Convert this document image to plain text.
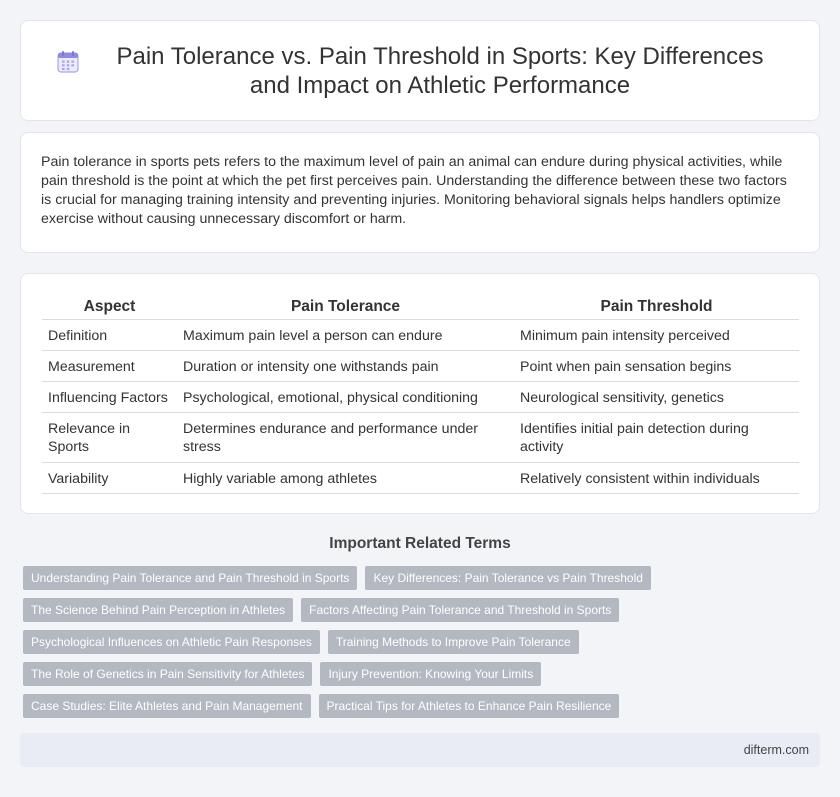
Pain Tolerance vs. Pain Threshold in Sports: Key Differences and Impact on Athletic Performance

Pain tolerance in sports pets refers to the maximum level of pain an animal can endure during physical activities, while pain threshold is the point at which the pet first perceives pain. Understanding the difference between these two factors is crucial for managing training intensity and preventing injuries. Monitoring behavioral signals helps handlers optimize exercise without causing unnecessary discomfort or harm.

Aspect	Pain Tolerance	Pain Threshold
Definition	Maximum pain level a person can endure	Minimum pain intensity perceived
Measurement	Duration or intensity one withstands pain	Point when pain sensation begins
Influencing Factors	Psychological, emotional, physical conditioning	Neurological sensitivity, genetics
Relevance in Sports	Determines endurance and performance under stress	Identifies initial pain detection during activity
Variability	Highly variable among athletes	Relatively consistent within individuals
Important Related Terms
Understanding Pain Tolerance and Pain Threshold in Sports	Key Differences: Pain Tolerance vs Pain Threshold
The Science Behind Pain Perception in Athletes	Factors Affecting Pain Tolerance and Threshold in Sports
Psychological Influences on Athletic Pain Responses	Training Methods to Improve Pain Tolerance
The Role of Genetics in Pain Sensitivity for Athletes	Injury Prevention: Knowing Your Limits
Case Studies: Elite Athletes and Pain Management	Practical Tips for Athletes to Enhance Pain Resilience
difterm.com
